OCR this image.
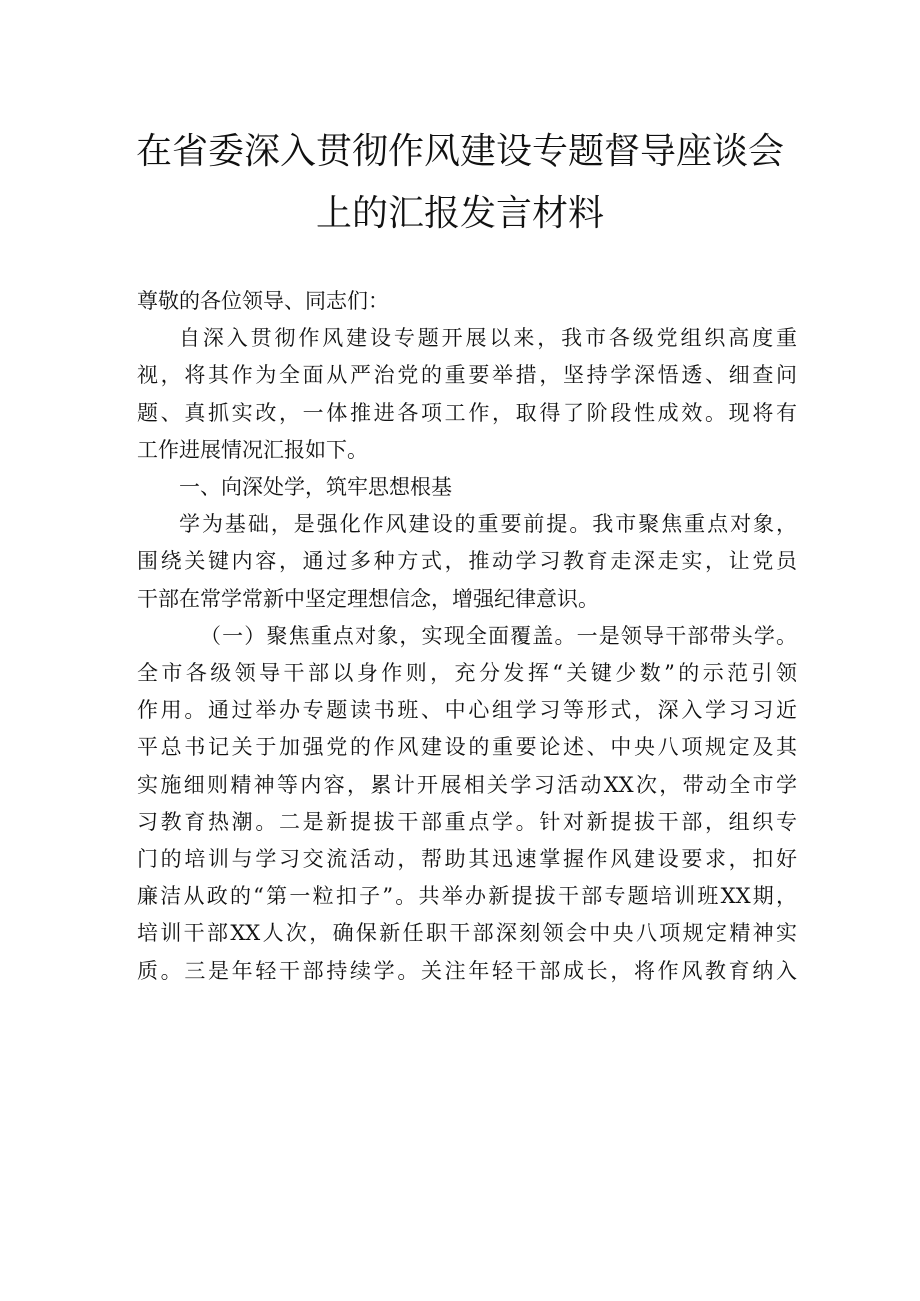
在省委深入贯彻作风建设专题督导座谈会
上的汇报发言材料
尊敬的各位领导、同志们：
自深入贯彻作风建设专题开展以来，我市各级党组织高度重
视，将其作为全面从严治党的重要举措，坚持学深悟透、细查问
题、真抓实改，一体推进各项工作，取得了阶段性成效。现将有
工作进展情况汇报如下。
一、向深处学，筑牢思想根基
学为基础，是强化作风建设的重要前提。我市聚焦重点对象，
围绕关键内容，通过多种方式，推动学习教育走深走实，让党员
干部在常学常新中坚定理想信念，增强纪律意识。
（一）聚焦重点对象，实现全面覆盖。一是领导干部带头学。
全市各级领导干部以身作则，充分发挥“关键少数”的示范引领
作用。通过举办专题读书班、中心组学习等形式，深入学习习近
平总书记关于加强党的作风建设的重要论述、中央八项规定及其
实施细则精神等内容，累计开展相关学习活动XX次，带动全市学
习教育热潮。二是新提拔干部重点学。针对新提拔干部，组织专
门的培训与学习交流活动，帮助其迅速掌握作风建设要求，扣好
廉洁从政的“第一粒扣子”。共举办新提拔干部专题培训班XX期，
培训干部XX人次，确保新任职干部深刻领会中央八项规定精神实
质。三是年轻干部持续学。关注年轻干部成长，将作风教育纳入
